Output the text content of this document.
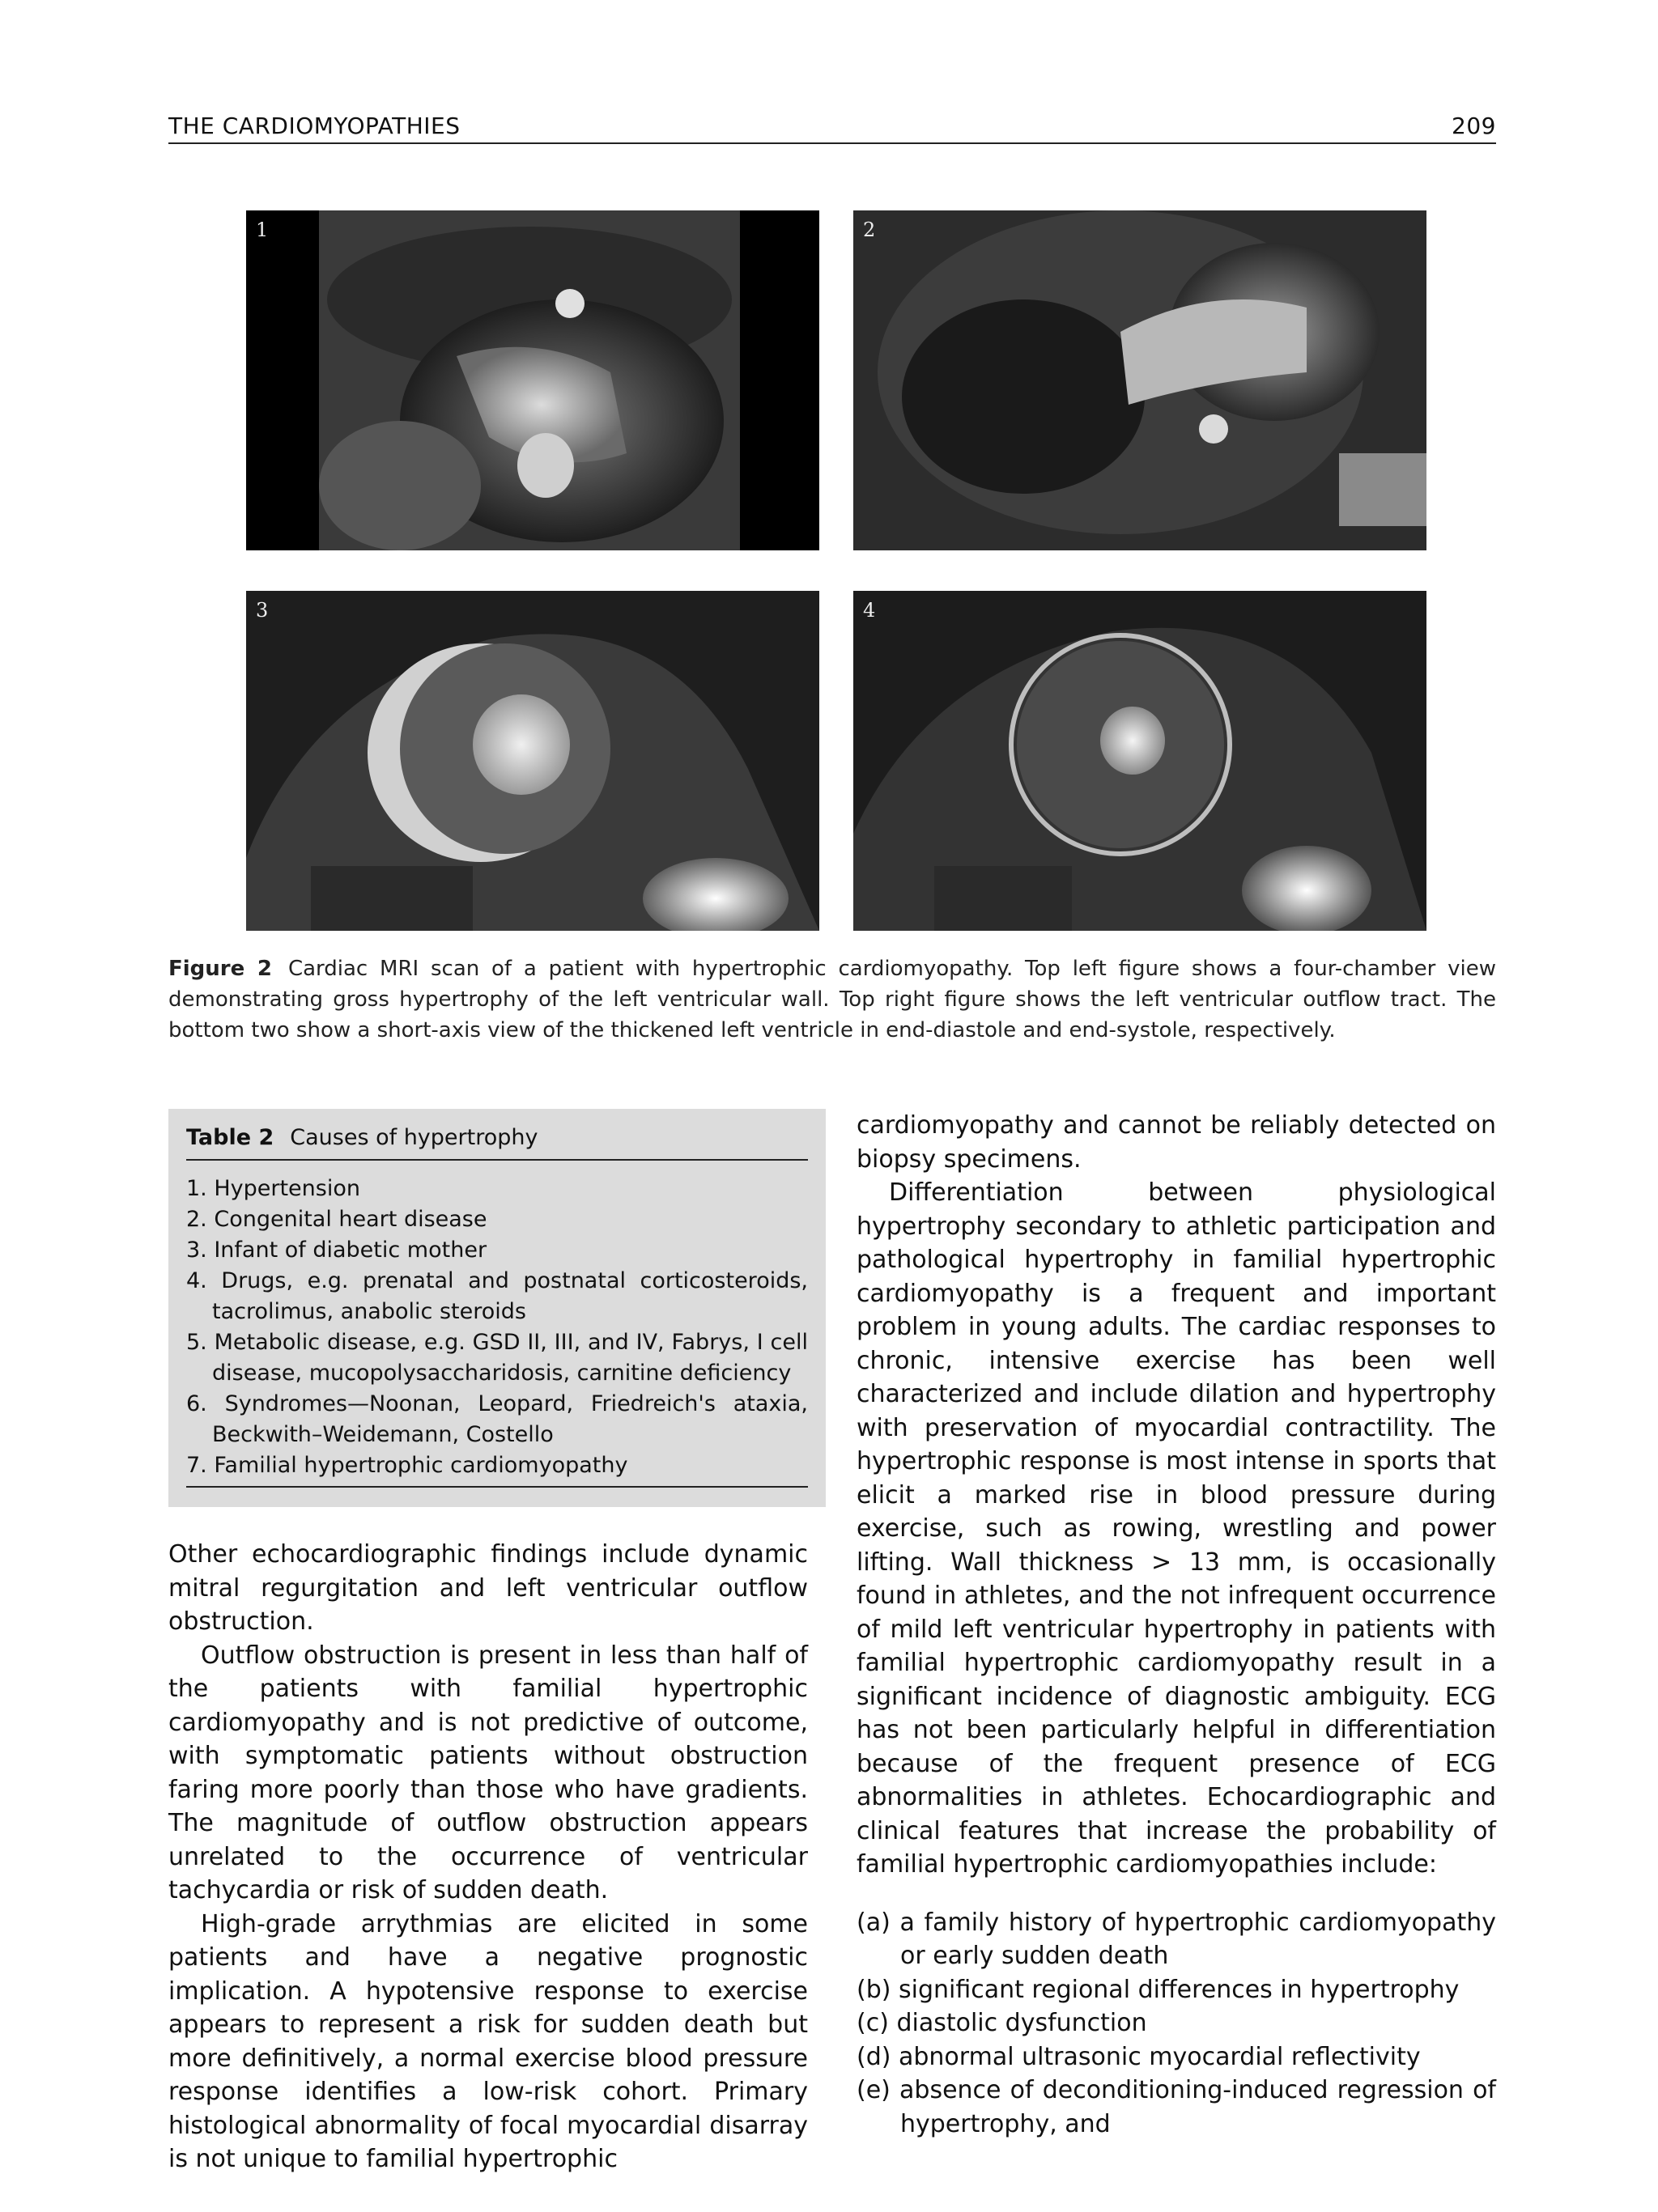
THE CARDIOMYOPATHIES	209
1	2
3	4
Figure 2 Cardiac MRI scan of a patient with hypertrophic cardiomyopathy. Top left figure shows a four-chamber view demonstrating gross hypertrophy of the left ventricular wall. Top right figure shows the left ventricular outflow tract. The bottom two show a short-axis view of the thickened left ventricle in end-diastole and end-systole, respectively.
Table 2 Causes of hypertrophy
1. Hypertension
2. Congenital heart disease
3. Infant of diabetic mother
4. Drugs, e.g. prenatal and postnatal corticosteroids, tacrolimus, anabolic steroids
5. Metabolic disease, e.g. GSD II, III, and IV, Fabrys, I cell disease, mucopolysaccharidosis, carnitine deficiency
6. Syndromes—Noonan, Leopard, Friedreich's ataxia, Beckwith–Weidemann, Costello
7. Familial hypertrophic cardiomyopathy

Other echocardiographic findings include dynamic mitral regurgitation and left ventricular outflow obstruction.

Outflow obstruction is present in less than half of the patients with familial hypertrophic cardiomyopathy and is not predictive of outcome, with symptomatic patients without obstruction faring more poorly than those who have gradients. The magnitude of outflow obstruction appears unrelated to the occurrence of ventricular tachycardia or risk of sudden death.

High-grade arrythmias are elicited in some patients and have a negative prognostic implication. A hypotensive response to exercise appears to represent a risk for sudden death but more definitively, a normal exercise blood pressure response identifies a low-risk cohort. Primary histological abnormality of focal myocardial disarray is not unique to familial hypertrophic

cardiomyopathy and cannot be reliably detected on biopsy specimens.

Differentiation between physiological hypertrophy secondary to athletic participation and pathological hypertrophy in familial hypertrophic cardiomyopathy is a frequent and important problem in young adults. The cardiac responses to chronic, intensive exercise has been well characterized and include dilation and hypertrophy with preservation of myocardial contractility. The hypertrophic response is most intense in sports that elicit a marked rise in blood pressure during exercise, such as rowing, wrestling and power lifting. Wall thickness > 13 mm, is occasionally found in athletes, and the not infrequent occurrence of mild left ventricular hypertrophy in patients with familial hypertrophic cardiomyopathy result in a significant incidence of diagnostic ambiguity. ECG has not been particularly helpful in differentiation because of the frequent presence of ECG abnormalities in athletes. Echocardiographic and clinical features that increase the probability of familial hypertrophic cardiomyopathies include:

(a) a family history of hypertrophic cardiomyopathy or early sudden death
(b) significant regional differences in hypertrophy
(c) diastolic dysfunction
(d) abnormal ultrasonic myocardial reflectivity
(e) absence of deconditioning-induced regression of hypertrophy, and
